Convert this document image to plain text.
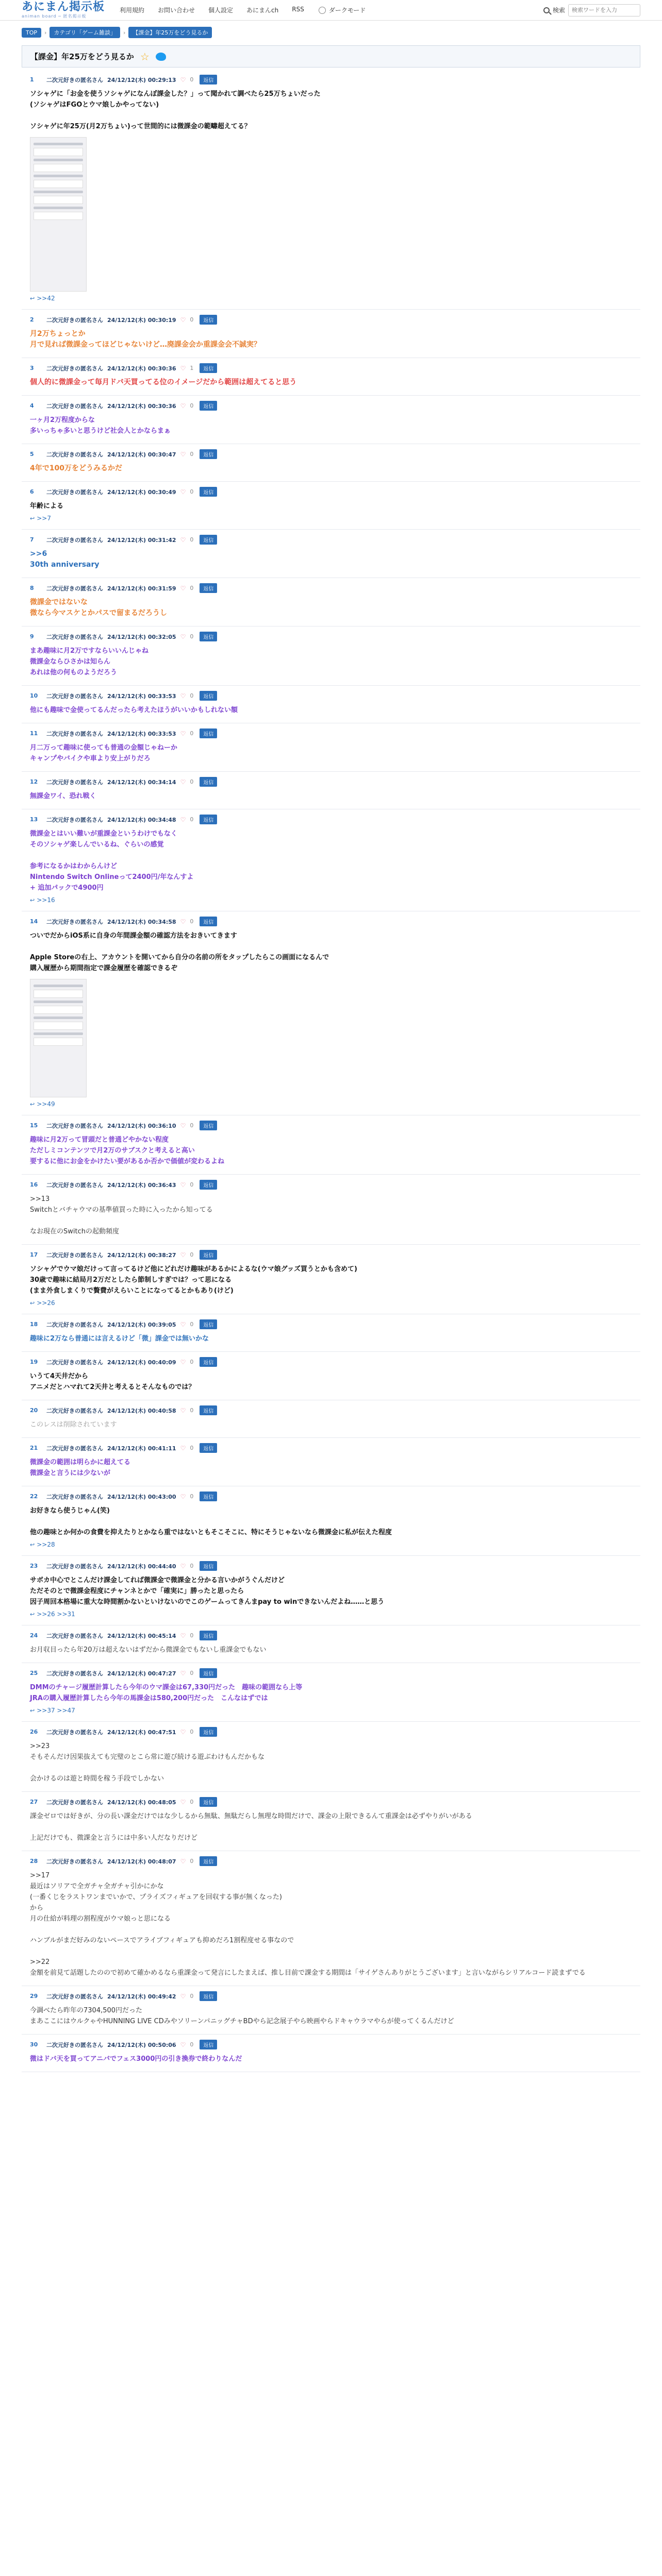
あにまん掲示板
animan board ─ 匿名掲示板
利用規約 お問い合わせ 個人設定 あにまんch RSS	ダークモード	検索
検索ワードを入力
TOP	›	カテゴリ「ゲーム雑談」	›	【課金】年25万をどう見るか
【課金】年25万をどう見るか ☆
1	二次元好きの匿名さん 24/12/12(木) 00:29:13 ♡ 0	返信
ソシャゲに「お金を使うソシャゲになんぼ課金した？」って聞かれて調べたら25万ちょいだった
(ソシャゲはFGOとウマ娘しかやってない)

ソシャゲに年25万(月2万ちょい)って世間的には微課金の範疇超えてる？
↩ >>42
2	二次元好きの匿名さん 24/12/12(木) 00:30:19 ♡ 0	返信
月2万ちょっとか
月で見れば微課金ってほどじゃないけど…廃課金会か重課金会不誠実？
3	二次元好きの匿名さん 24/12/12(木) 00:30:36 ♡ 1	返信
個人的に微課金って毎月ドバ天買ってる位のイメージだから範囲は超えてると思う
4	二次元好きの匿名さん 24/12/12(木) 00:30:36 ♡ 0	返信
一ヶ月2万程度からな
多いっちゃ多いと思うけど社会人とかならまぁ
5	二次元好きの匿名さん 24/12/12(木) 00:30:47 ♡ 0	返信
4年で100万をどうみるかだ
6	二次元好きの匿名さん 24/12/12(木) 00:30:49 ♡ 0	返信
年齢による
↩ >>7
7	二次元好きの匿名さん 24/12/12(木) 00:31:42 ♡ 0	返信
>>6
30th anniversary
8	二次元好きの匿名さん 24/12/12(木) 00:31:59 ♡ 0	返信
微課金ではないな
微なら今マスケとかパスで留まるだろうし
9	二次元好きの匿名さん 24/12/12(木) 00:32:05 ♡ 0	返信
まあ趣味に月2万ですならいいんじゃね
微課金ならひさかは知らん
あれは他の何ものようだろう
10	二次元好きの匿名さん 24/12/12(木) 00:33:53 ♡ 0	返信
他にも趣味で金使ってるんだったら考えたほうがいいかもしれない額
11	二次元好きの匿名さん 24/12/12(木) 00:33:53 ♡ 0	返信
月二万って趣味に使っても普通の金額じゃねーか
キャンプやバイクや車より安上がりだろ
12	二次元好きの匿名さん 24/12/12(木) 00:34:14 ♡ 0	返信
無課金ワイ、恐れ戦く
13	二次元好きの匿名さん 24/12/12(木) 00:34:48 ♡ 0	返信
微課金とはいい難いが重課金というわけでもなく
そのソシャゲ楽しんでいるね、ぐらいの感覚

参考になるかはわからんけど
Nintendo Switch Onlineって2400円/年なんすよ
+ 追加パックで4900円
↩ >>16
14	二次元好きの匿名さん 24/12/12(木) 00:34:58 ♡ 0	返信
ついでだからiOS系に自身の年間課金額の確認方法をおきいてきます

Apple Storeの右上、アカウントを開いてから自分の名前の所をタップしたらこの画面になるんで
購入履歴から期間指定で課金履歴を確認できるぞ
↩ >>49
15	二次元好きの匿名さん 24/12/12(木) 00:36:10 ♡ 0	返信
趣味に月2万って冒頭だと普通どやかない程度
ただしミコンテンツで月2万のサブスクと考えると高い
要するに他にお金をかけたい要があるか否かで価値が変わるよね
16	二次元好きの匿名さん 24/12/12(木) 00:36:43 ♡ 0	返信
>>13
Switchとバチャウマの基準値買った時に入ったから知ってる

なお現在のSwitchの起動頻度
17	二次元好きの匿名さん 24/12/12(木) 00:38:27 ♡ 0	返信
ソシャゲでウマ娘だけって言ってるけど他にどれだけ趣味があるかによるな(ウマ娘グッズ買うとかも含めて)
30歳で趣味に結局月2万だとしたら節制しすぎでは？って思になる
(まま外食しまくりで贅費がえらいことになってるとかもあり(けど)
↩ >>26
18	二次元好きの匿名さん 24/12/12(木) 00:39:05 ♡ 0	返信
趣味に2万なら普通には言えるけど「微」課金では無いかな
19	二次元好きの匿名さん 24/12/12(木) 00:40:09 ♡ 0	返信
いうて4天井だから
アニメだとハマれて2天井と考えるとそんなものでは？
20	二次元好きの匿名さん 24/12/12(木) 00:40:58 ♡ 0	返信
このレスは削除されています
21	二次元好きの匿名さん 24/12/12(木) 00:41:11 ♡ 0	返信
微課金の範囲は明らかに超えてる
微課金と言うには少ないが
22	二次元好きの匿名さん 24/12/12(木) 00:43:00 ♡ 0	返信
お好きなら使うじゃん(笑)

他の趣味とか何かの食費を抑えたりとかなら重ではないともそこそこに、特にそうじゃないなら微課金に私が伝えた程度
↩ >>28
23	二次元好きの匿名さん 24/12/12(木) 00:44:40 ♡ 0	返信
サボカ中心でとこんだけ課金してれば微課金で微課金と分かる言いかがうぐんだけど
ただそのとで微課金程度にチャンネとかで「確実に」勝ったと思ったら
因子周回本格場に重大な時間割かないといけないのでこのゲームってきんまpay to winできないんだよね……と思う
↩ >>26 >>31
24	二次元好きの匿名さん 24/12/12(木) 00:45:14 ♡ 0	返信
お月収目ったら年20万は超えないはずだから微課金でもないし重課金でもない
25	二次元好きの匿名さん 24/12/12(木) 00:47:27 ♡ 0	返信
DMMのチャージ履歴計算したら今年のウマ課金は67,330円だった　趣味の範囲なら上等
JRAの購入履歴計算したら今年の馬課金は580,200円だった　こんなはずでは
↩ >>37 >>47
26	二次元好きの匿名さん 24/12/12(木) 00:47:51 ♡ 0	返信
>>23
そもそんだけ因果抜えても完璧のとこら常に遊び続ける遊ぶわけもんだかもな

会かけるのは遊と時間を稼う手段でしかない
27	二次元好きの匿名さん 24/12/12(木) 00:48:05 ♡ 0	返信
課金ゼロでは好きが、分の長い課金だけではな少しるから無駄、無駄だらし無理な時間だけで、課金の上限できるんて重課金は必ずやりがいがある

上記だけでも、微課金と言うには中多い人だなりだけど
28	二次元好きの匿名さん 24/12/12(木) 00:48:07 ♡ 0	返信
>>17
最近はソリアで全ガチャ全ガチャ引かにかな
(一番くじをラストワンまでいかで、プライズフィギュアを回収する事が無くなった)
から
月の仕給が料理の割程度がウマ娘っと思になる

ハンブルがまだ好みのないペースでアライブフィギュアも抑めだろ1割程度せる事なので

>>22
金額を前見て話題したのので初めて確かめるなら重課金って発言にしたまえば、推し目前で課金する期間は「サイゲさんありがとうございます」と言いながらシリアルコード読まずでる
29	二次元好きの匿名さん 24/12/12(木) 00:49:42 ♡ 0	返信
今調べたら昨年の7304,500円だった
まあここにはウルクゃやHUNNING LIVE CDみやソリーンパニッグチャBDやら記念展子やら映画やらドキャウラマやらが使ってくるんだけど
30	二次元好きの匿名さん 24/12/12(木) 00:50:06 ♡ 0	返信
微はドバ天を買ってアニバでフェス3000円の引き換券で終わりなんだ
